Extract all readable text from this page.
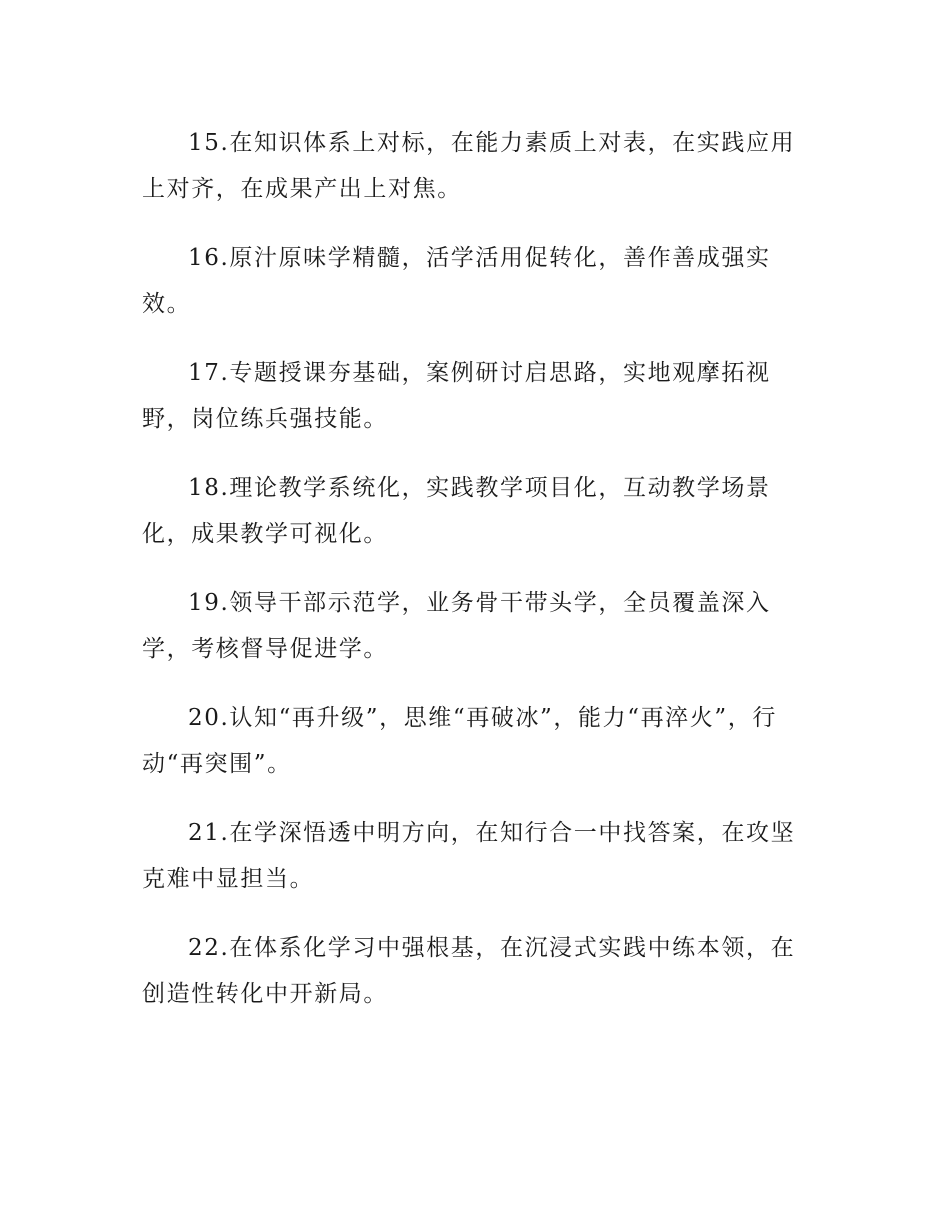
15.在知识体系上对标，在能力素质上对表，在实践应用上对齐，在成果产出上对焦。

16.原汁原味学精髓，活学活用促转化，善作善成强实效。

17.专题授课夯基础，案例研讨启思路，实地观摩拓视野，岗位练兵强技能。

18.理论教学系统化，实践教学项目化，互动教学场景化，成果教学可视化。

19.领导干部示范学，业务骨干带头学，全员覆盖深入学，考核督导促进学。

20.认知“再升级”，思维“再破冰”，能力“再淬火”，行动“再突围”。

21.在学深悟透中明方向，在知行合一中找答案，在攻坚克难中显担当。

22.在体系化学习中强根基，在沉浸式实践中练本领，在创造性转化中开新局。
